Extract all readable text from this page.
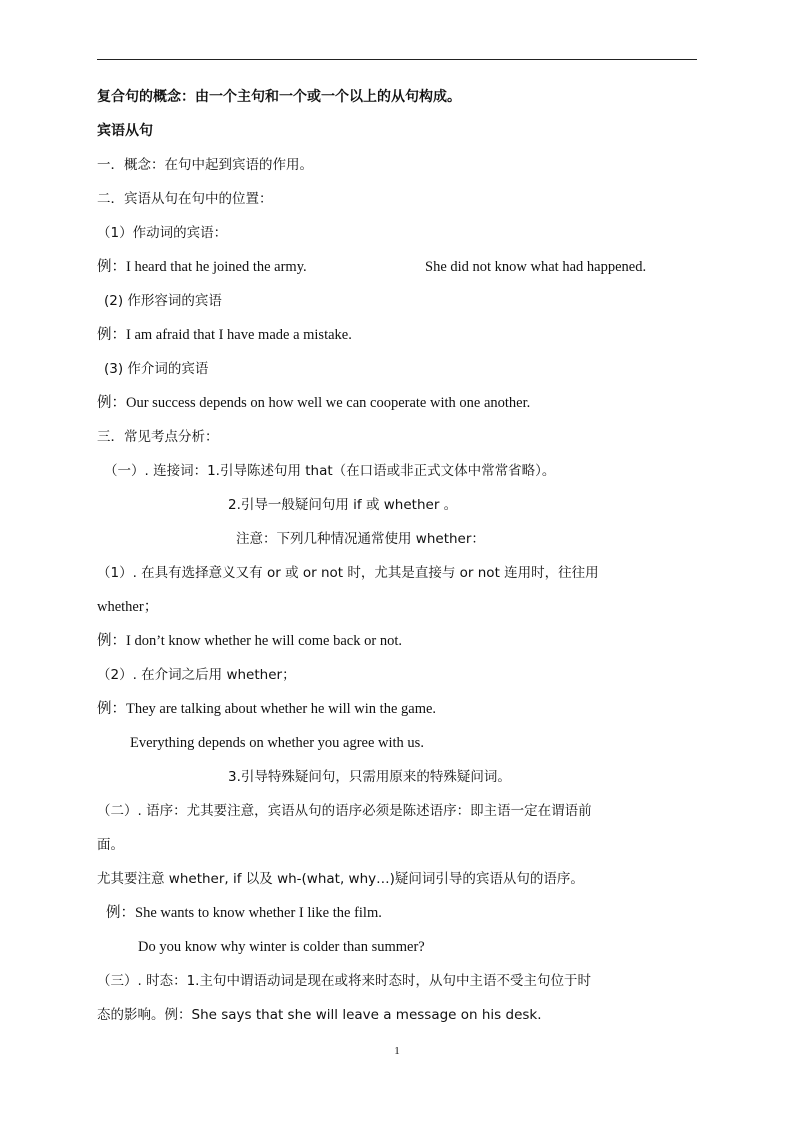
复合句的概念：由一个主句和一个或一个以上的从句构成。
宾语从句
一．概念：在句中起到宾语的作用。
二．宾语从句在句中的位置：
（1）作动词的宾语：
例：I heard that he joined the army.	She did not know what had happened.
(2) 作形容词的宾语
例：I am afraid that I have made a mistake.
(3) 作介词的宾语
例：Our success depends on how well we can cooperate with one another.
三．常见考点分析：
（一）. 连接词：1.引导陈述句用 that（在口语或非正式文体中常常省略）。
2.引导一般疑问句用 if 或 whether 。
注意：下列几种情况通常使用 whether：
（1）. 在具有选择意义又有 or 或 or not 时，尤其是直接与 or not 连用时，往往用
whether；
例：I don’t know whether he will come back or not.
（2）. 在介词之后用 whether；
例：They are talking about whether he will win the game.
Everything depends on whether you agree with us.
3.引导特殊疑问句，只需用原来的特殊疑问词。
（二）. 语序：尤其要注意，宾语从句的语序必须是陈述语序：即主语一定在谓语前
面。
尤其要注意 whether, if 以及 wh-(what, why…)疑问词引导的宾语从句的语序。
例：She wants to know whether I like the film.
Do you know why winter is colder than summer?
（三）. 时态：1.主句中谓语动词是现在或将来时态时，从句中主语不受主句位于时
态的影响。例：She says that she will leave a message on his desk.
1
